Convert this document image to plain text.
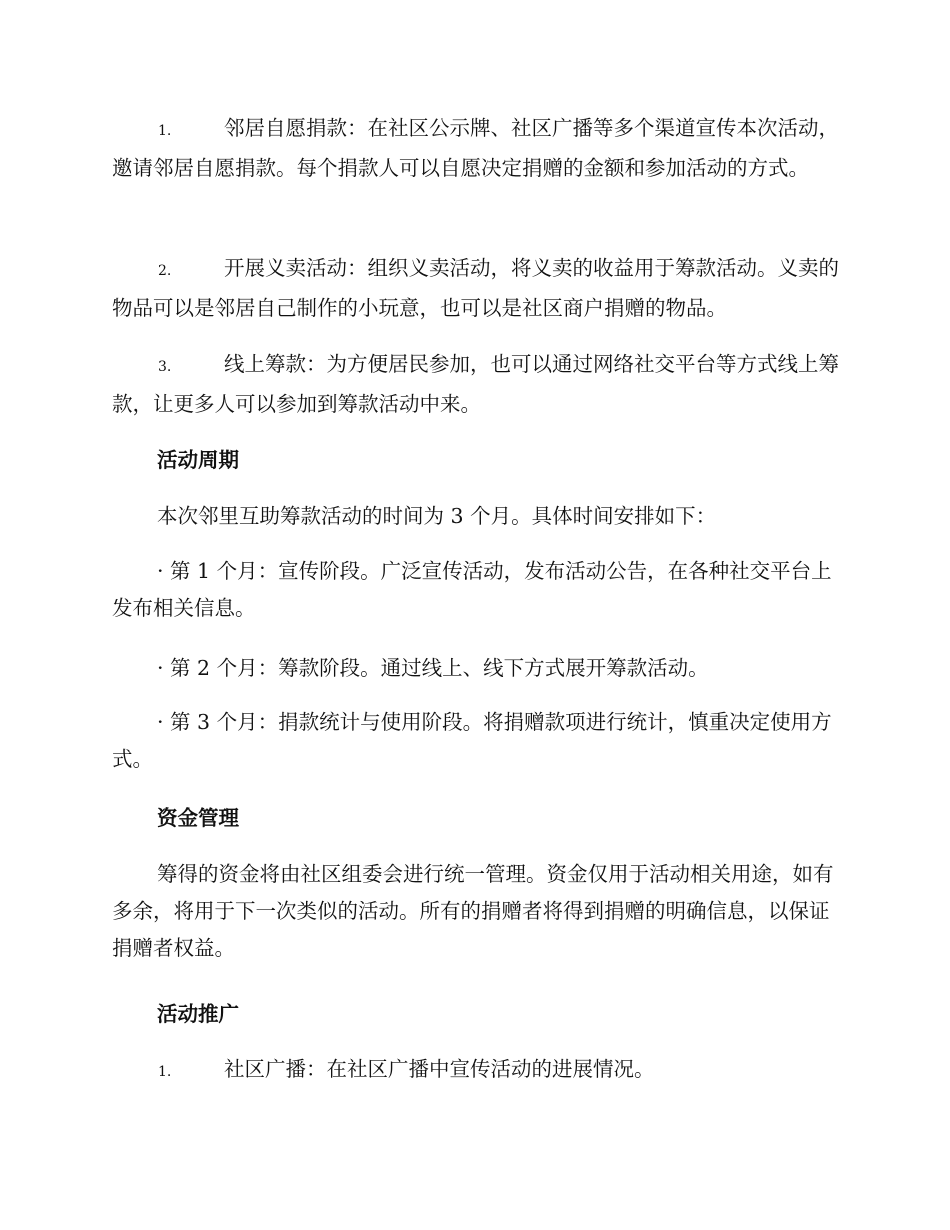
1.	邻居自愿捐款：在社区公示牌、社区广播等多个渠道宣传本次活动，邀请邻居自愿捐款。每个捐款人可以自愿决定捐赠的金额和参加活动的方式。
2.	开展义卖活动：组织义卖活动，将义卖的收益用于筹款活动。义卖的物品可以是邻居自己制作的小玩意，也可以是社区商户捐赠的物品。
3.	线上筹款：为方便居民参加，也可以通过网络社交平台等方式线上筹款，让更多人可以参加到筹款活动中来。
活动周期
本次邻里互助筹款活动的时间为 3 个月。具体时间安排如下：
· 第 1 个月：宣传阶段。广泛宣传活动，发布活动公告，在各种社交平台上发布相关信息。
· 第 2 个月：筹款阶段。通过线上、线下方式展开筹款活动。
· 第 3 个月：捐款统计与使用阶段。将捐赠款项进行统计，慎重决定使用方式。
资金管理
筹得的资金将由社区组委会进行统一管理。资金仅用于活动相关用途，如有多余，将用于下一次类似的活动。所有的捐赠者将得到捐赠的明确信息，以保证捐赠者权益。
活动推广
1.	社区广播：在社区广播中宣传活动的进展情况。
